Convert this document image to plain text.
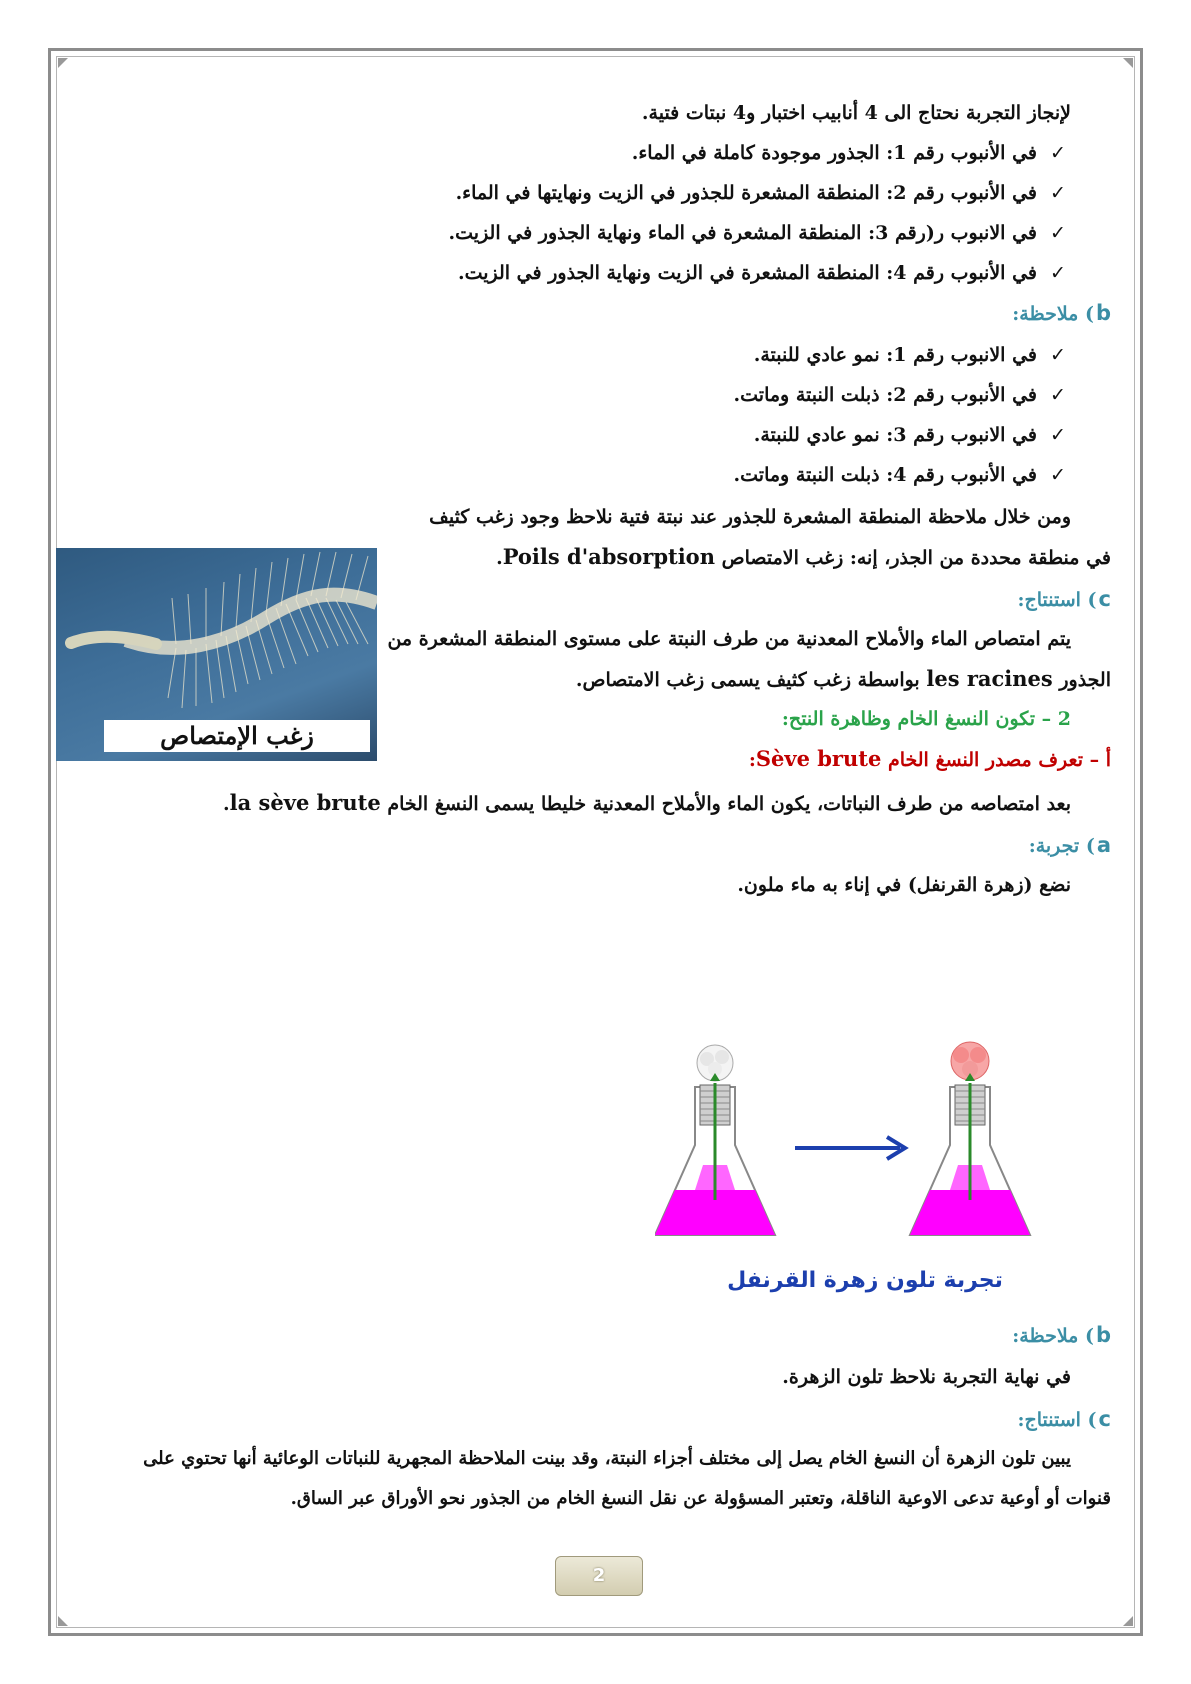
لإنجاز التجربة نحتاج الى 4 أنابيب اختبار و4 نبتات فتية.
✓في الأنبوب رقم 1: الجذور موجودة كاملة في الماء.
✓في الأنبوب رقم 2: المنطقة المشعرة للجذور في الزيت ونهايتها في الماء.
✓في الانبوب ر(رقم 3: المنطقة المشعرة في الماء ونهاية الجذور في الزيت.
✓في الأنبوب رقم 4: المنطقة المشعرة في الزيت ونهاية الجذور في الزيت.
b) ملاحظة:
✓في الانبوب رقم 1: نمو عادي للنبتة.
✓في الأنبوب رقم 2: ذبلت النبتة وماتت.
✓في الانبوب رقم 3: نمو عادي للنبتة.
✓في الأنبوب رقم 4: ذبلت النبتة وماتت.
ومن خلال ملاحظة المنطقة المشعرة للجذور عند نبتة فتية نلاحظ وجود زغب كثيف
في منطقة محددة من الجذر، إنه: زغب الامتصاص Poils d'absorption.
c) استنتاج:
يتم امتصاص الماء والأملاح المعدنية من طرف النبتة على مستوى المنطقة المشعرة من
الجذور les racines بواسطة زغب كثيف يسمى زغب الامتصاص.
2 – تكون النسغ الخام وظاهرة النتح:
أ – تعرف مصدر النسغ الخام Sève brute:
بعد امتصاصه من طرف النباتات، يكون الماء والأملاح المعدنية خليطا يسمى النسغ الخام la sève brute.
a) تجربة:
نضع (زهرة القرنفل) في إناء به ماء ملون.
b) ملاحظة:
في نهاية التجربة نلاحظ تلون الزهرة.
c) استنتاج:
يبين تلون الزهرة أن النسغ الخام يصل إلى مختلف أجزاء النبتة، وقد بينت الملاحظة المجهرية للنباتات الوعائية أنها تحتوي على
قنوات أو أوعية تدعى الاوعية الناقلة، وتعتبر المسؤولة عن نقل النسغ الخام من الجذور نحو الأوراق عبر الساق.
زغب الإمتصاص
تجربة تلون زهرة القرنفل
2
